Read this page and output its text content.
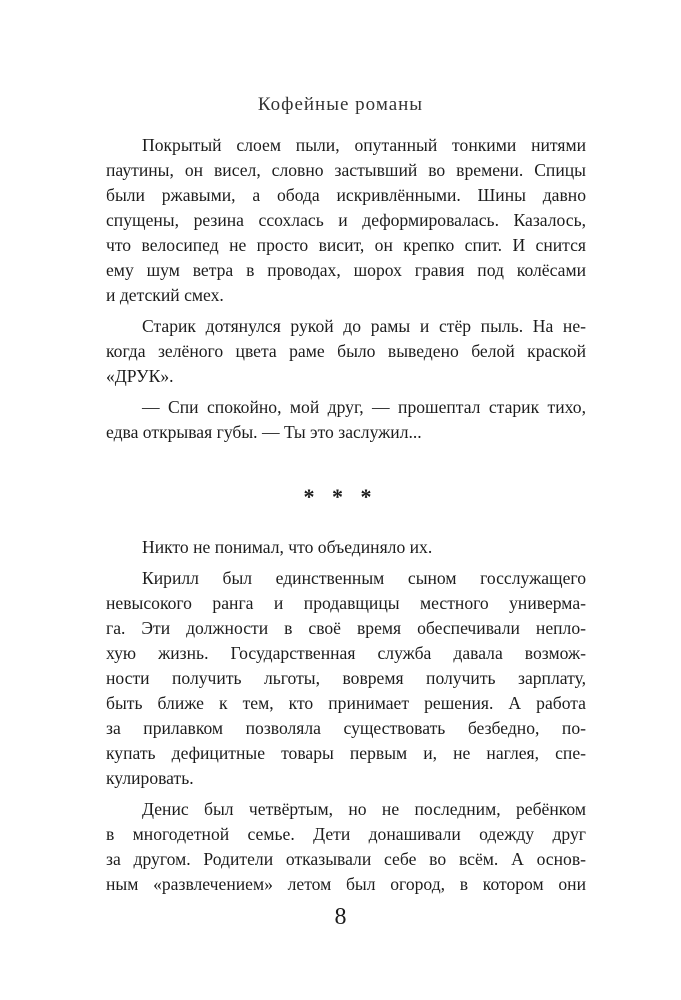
Кофейные романы
Покрытый слоем пыли, опутанный тонкими нитями
паутины, он висел, словно застывший во времени. Спицы
были ржавыми, а обода искривлёнными. Шины давно
спущены, резина ссохлась и деформировалась. Казалось,
что велосипед не просто висит, он крепко спит. И снится
ему шум ветра в проводах, шорох гравия под колёсами
и детский смех.
Старик дотянулся рукой до рамы и стёр пыль. На не-
когда зелёного цвета раме было выведено белой краской
«ДРУК».
— Спи спокойно, мой друг, — прошептал старик тихо,
едва открывая губы. — Ты это заслужил...
* * *
Никто не понимал, что объединяло их.
Кирилл был единственным сыном госслужащего
невысокого ранга и продавщицы местного универма-
га. Эти должности в своё время обеспечивали непло-
хую жизнь. Государственная служба давала возмож-
ности получить льготы, вовремя получить зарплату,
быть ближе к тем, кто принимает решения. А работа
за прилавком позволяла существовать безбедно, по-
купать дефицитные товары первым и, не наглея, спе-
кулировать.
Денис был четвёртым, но не последним, ребёнком
в многодетной семье. Дети донашивали одежду друг
за другом. Родители отказывали себе во всём. А основ-
ным «развлечением» летом был огород, в котором они
8
